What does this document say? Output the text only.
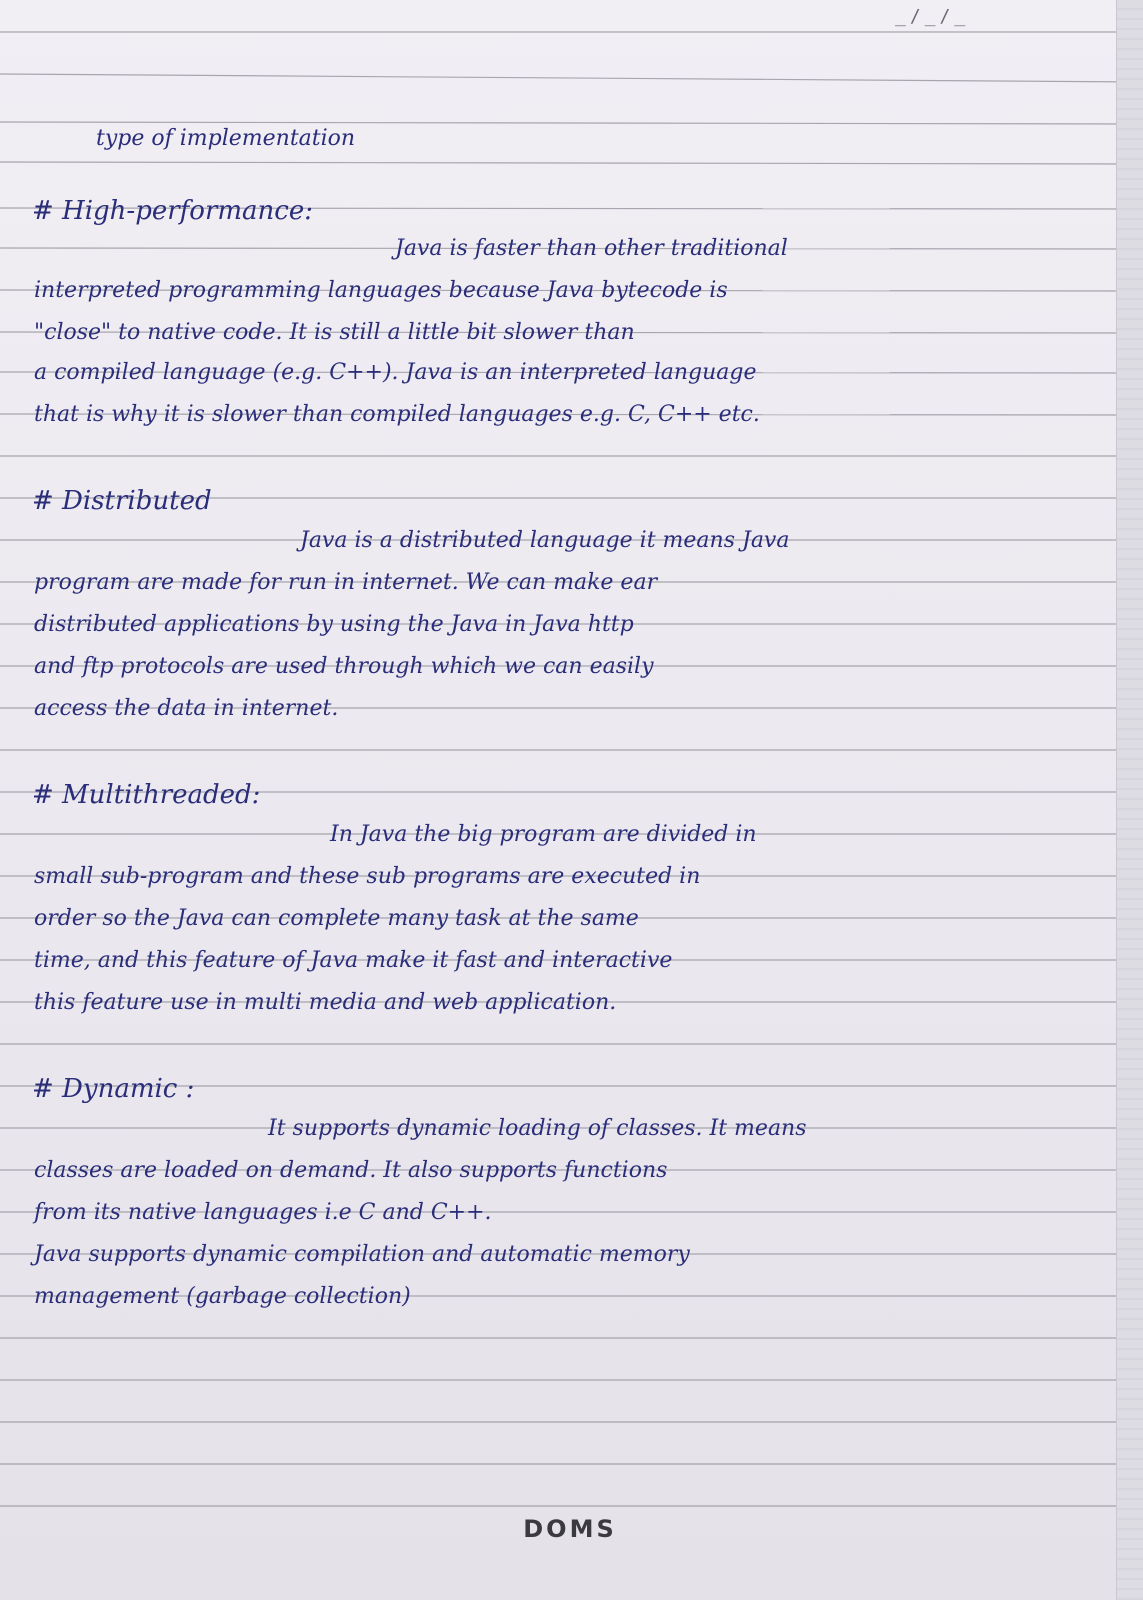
_/_/_
type of implementation
# High-performance:
Java is faster than other traditional
interpreted programming languages because Java bytecode is
"close" to native code. It is still a little bit slower than
a compiled language (e.g. C++). Java is an interpreted language
that is why it is slower than compiled languages e.g. C, C++ etc.
# Distributed
Java is a distributed language it means Java
program are made for run in internet. We can make ear
distributed applications by using the Java in Java http
and ftp protocols are used through which we can easily
access the data in internet.
# Multithreaded:
In Java the big program are divided in
small sub-program and these sub programs are executed in
order so the Java can complete many task at the same
time, and this feature of Java make it fast and interactive
this feature use in multi media and web application.
# Dynamic :
It supports dynamic loading of classes. It means
classes are loaded on demand. It also supports functions
from its native languages i.e C and C++.
Java supports dynamic compilation and automatic memory
management (garbage collection)
DOMS
